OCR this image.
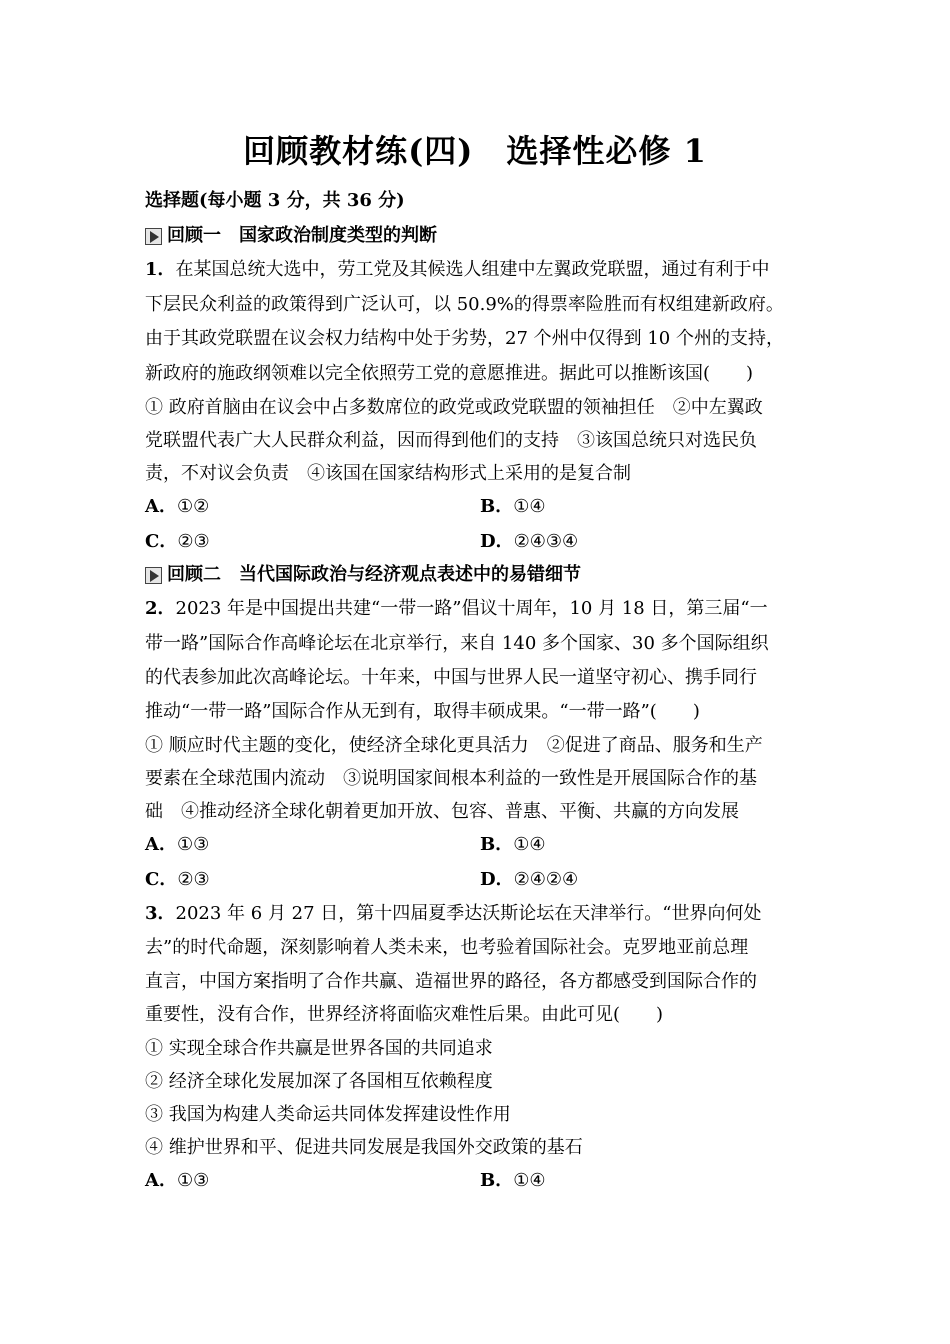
回顾教材练(四)　选择性必修 1
选择题(每小题 3 分，共 36 分)
回顾一　国家政治制度类型的判断
1．在某国总统大选中，劳工党及其候选人组建中左翼政党联盟，通过有利于中
下层民众利益的政策得到广泛认可，以 50.9%的得票率险胜而有权组建新政府。
由于其政党联盟在议会权力结构中处于劣势，27 个州中仅得到 10 个州的支持，
新政府的施政纲领难以完全依照劳工党的意愿推进。据此可以推断该国(　　)
① 政府首脑由在议会中占多数席位的政党或政党联盟的领袖担任　②中左翼政
党联盟代表广大人民群众利益，因而得到他们的支持　③该国总统只对选民负
责，不对议会负责　④该国在国家结构形式上采用的是复合制
A．①②	B．①④
C．②③	D．②④③④
回顾二　当代国际政治与经济观点表述中的易错细节
2．2023 年是中国提出共建“一带一路”倡议十周年，10 月 18 日，第三届“一
带一路”国际合作高峰论坛在北京举行，来自 140 多个国家、30 多个国际组织
的代表参加此次高峰论坛。十年来，中国与世界人民一道坚守初心、携手同行
推动“一带一路”国际合作从无到有，取得丰硕成果。“一带一路”(　　)
① 顺应时代主题的变化，使经济全球化更具活力　②促进了商品、服务和生产
要素在全球范围内流动　③说明国家间根本利益的一致性是开展国际合作的基
础　④推动经济全球化朝着更加开放、包容、普惠、平衡、共赢的方向发展
A．①③	B．①④
C．②③	D．②④②④
3．2023 年 6 月 27 日，第十四届夏季达沃斯论坛在天津举行。“世界向何处
去”的时代命题，深刻影响着人类未来，也考验着国际社会。克罗地亚前总理
直言，中国方案指明了合作共赢、造福世界的路径，各方都感受到国际合作的
重要性，没有合作，世界经济将面临灾难性后果。由此可见(　　)
① 实现全球合作共赢是世界各国的共同追求
② 经济全球化发展加深了各国相互依赖程度
③ 我国为构建人类命运共同体发挥建设性作用
④ 维护世界和平、促进共同发展是我国外交政策的基石
A．①③	B．①④
